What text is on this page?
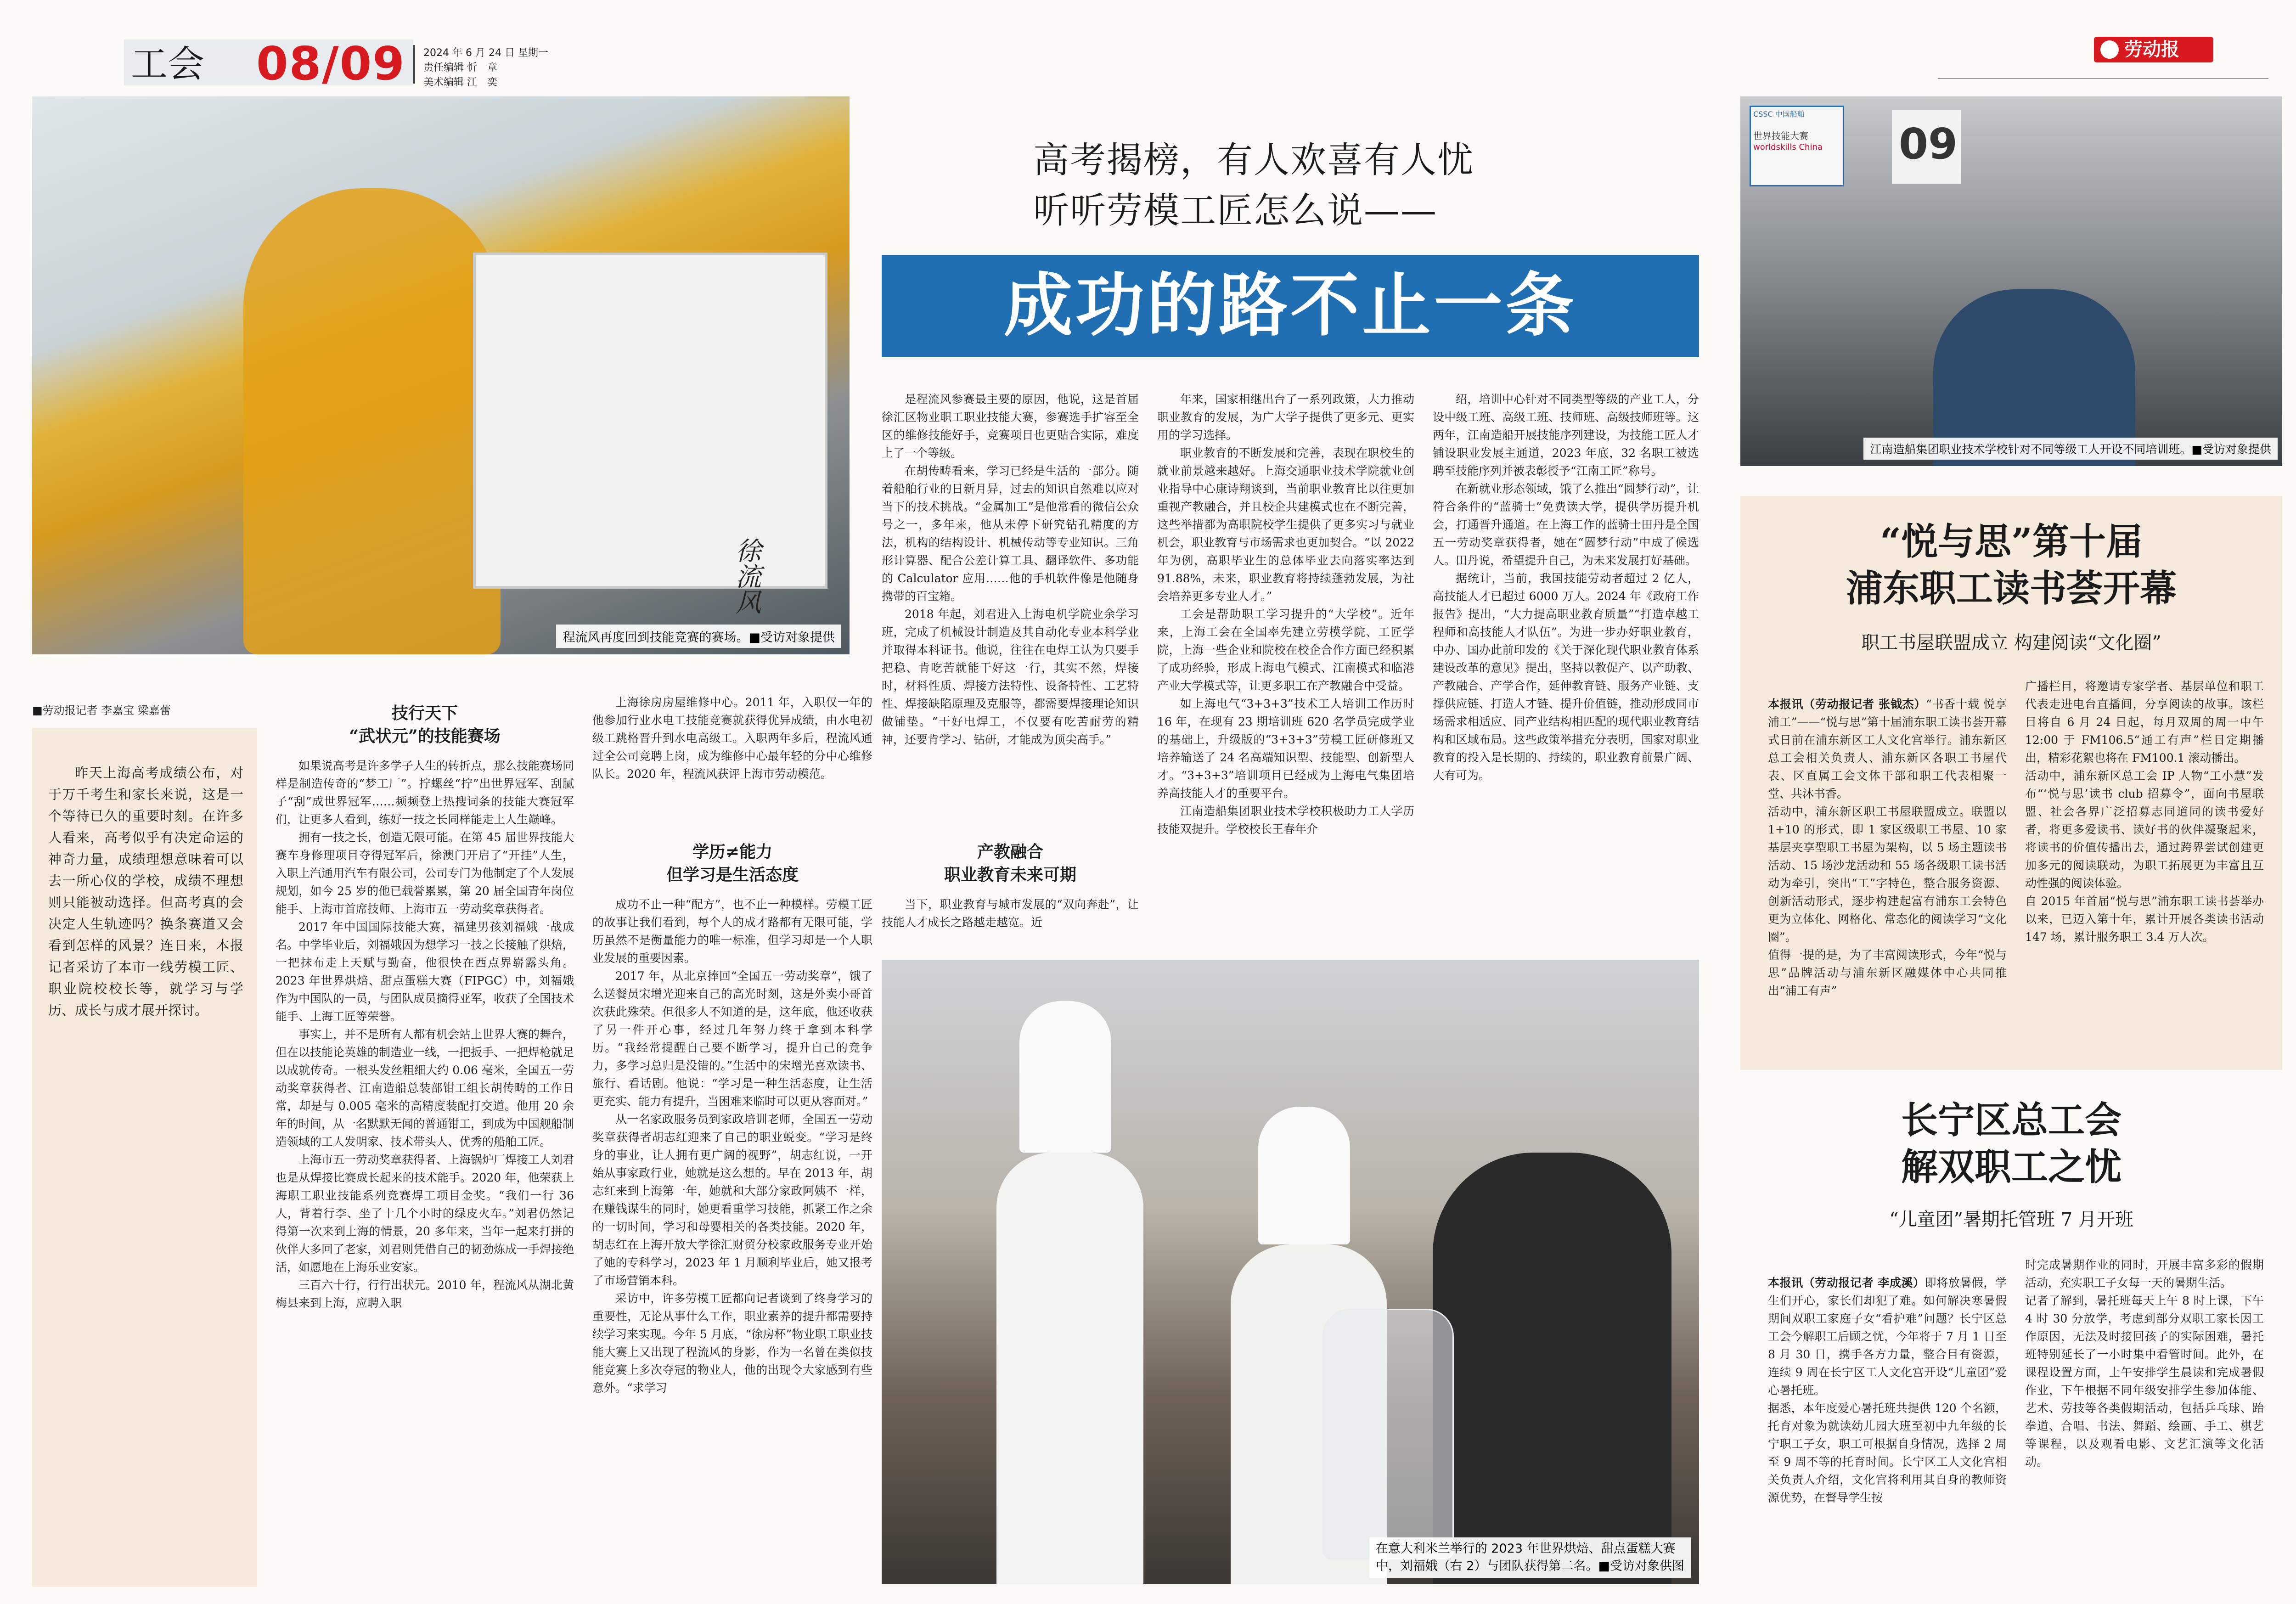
工会 08/09 2024 年 6 月 24 日 星期一
责任编辑 忻　章
美术编辑 江　奕
劳动报
徐流风
程流风再度回到技能竞赛的赛场。■受访对象提供
高考揭榜，有人欢喜有人忧
听听劳模工匠怎么说——
成功的路不止一条
■劳动报记者 李嘉宝 梁嘉蕾
昨天上海高考成绩公布，对于万千考生和家长来说，这是一个等待已久的重要时刻。在许多人看来，高考似乎有决定命运的神奇力量，成绩理想意味着可以去一所心仪的学校，成绩不理想则只能被动选择。但高考真的会决定人生轨迹吗？换条赛道又会看到怎样的风景？连日来，本报记者采访了本市一线劳模工匠、职业院校校长等，就学习与学历、成长与成才展开探讨。
技行天下
“武状元”的技能赛场

如果说高考是许多学子人生的转折点，那么技能赛场同样是制造传奇的“梦工厂”。拧螺丝“拧”出世界冠军、刮腻子“刮”成世界冠军……频频登上热搜词条的技能大赛冠军们，让更多人看到，练好一技之长同样能走上人生巅峰。

拥有一技之长，创造无限可能。在第 45 届世界技能大赛车身修理项目夺得冠军后，徐澳门开启了“开挂”人生，入职上汽通用汽车有限公司，公司专门为他制定了个人发展规划，如今 25 岁的他已载誉累累，第 20 届全国青年岗位能手、上海市首席技师、上海市五一劳动奖章获得者。

2017 年中国国际技能大赛，福建男孩刘福娥一战成名。中学毕业后，刘福娥因为想学习一技之长接触了烘焙，一把抹布走上天赋与勤奋，他很快在西点界崭露头角。2023 年世界烘焙、甜点蛋糕大赛（FIPGC）中，刘福娥作为中国队的一员，与团队成员摘得亚军，收获了全国技术能手、上海工匠等荣誉。

事实上，并不是所有人都有机会站上世界大赛的舞台，但在以技能论英雄的制造业一线，一把扳手、一把焊枪就足以成就传奇。一根头发丝粗细大约 0.06 毫米，全国五一劳动奖章获得者、江南造船总装部钳工组长胡传畴的工作日常，却是与 0.005 毫米的高精度装配打交道。他用 20 余年的时间，从一名默默无闻的普通钳工，到成为中国舰船制造领域的工人发明家、技术带头人、优秀的船舶工匠。

上海市五一劳动奖章获得者、上海锅炉厂焊接工人刘君也是从焊接比赛成长起来的技术能手。2020 年，他荣获上海职工职业技能系列竞赛焊工项目金奖。“我们一行 36 人，背着行李、坐了十几个小时的绿皮火车。”刘君仍然记得第一次来到上海的情景，20 多年来，当年一起来打拼的伙伴大多回了老家，刘君则凭借自己的韧劲炼成一手焊接绝活，如愿地在上海乐业安家。

三百六十行，行行出状元。2010 年，程流风从湖北黄梅县来到上海，应聘入职

上海徐房房屋维修中心。2011 年，入职仅一年的他参加行业水电工技能竞赛就获得优异成绩，由水电初级工跳格晋升到水电高级工。入职两年多后，程流风通过全公司竞聘上岗，成为维修中心最年轻的分中心维修队长。2020 年，程流风获评上海市劳动模范。

学历≠能力
但学习是生活态度

成功不止一种“配方”，也不止一种模样。劳模工匠的故事让我们看到，每个人的成才路都有无限可能，学历虽然不是衡量能力的唯一标准，但学习却是一个人职业发展的重要因素。

2017 年，从北京捧回“全国五一劳动奖章”，饿了么送餐员宋增光迎来自己的高光时刻，这是外卖小哥首次获此殊荣。但很多人不知道的是，这年底，他还收获了另一件开心事，经过几年努力终于拿到本科学历。“我经常提醒自己要不断学习，提升自己的竞争力，多学习总归是没错的。”生活中的宋增光喜欢读书、旅行、看话剧。他说：“学习是一种生活态度，让生活更充实、能力有提升，当困难来临时可以更从容面对。”

从一名家政服务员到家政培训老师，全国五一劳动奖章获得者胡志红迎来了自己的职业蜕变。“学习是终身的事业，让人拥有更广阔的视野”，胡志红说，一开始从事家政行业，她就是这么想的。早在 2013 年，胡志红来到上海第一年，她就和大部分家政阿姨不一样，在赚钱谋生的同时，她更看重学习技能，抓紧工作之余的一切时间，学习和母婴相关的各类技能。2020 年，胡志红在上海开放大学徐汇财贸分校家政服务专业开始了她的专科学习，2023 年 1 月顺利毕业后，她又报考了市场营销本科。

采访中，许多劳模工匠都向记者谈到了终身学习的重要性，无论从事什么工作，职业素养的提升都需要持续学习来实现。今年 5 月底，“徐房杯”物业职工职业技能大赛上又出现了程流风的身影，作为一名曾在类似技能竞赛上多次夺冠的物业人，他的出现令大家感到有些意外。“求学习

是程流风参赛最主要的原因，他说，这是首届徐汇区物业职工职业技能大赛，参赛选手扩容至全区的维修技能好手，竞赛项目也更贴合实际，难度上了一个等级。

在胡传畴看来，学习已经是生活的一部分。随着船舶行业的日新月异，过去的知识自然难以应对当下的技术挑战。“金属加工”是他常看的微信公众号之一，多年来，他从未停下研究钻孔精度的方法，机构的结构设计、机械传动等专业知识。三角形计算器、配合公差计算工具、翻译软件、多功能的 Calculator 应用……他的手机软件像是他随身携带的百宝箱。

2018 年起，刘君进入上海电机学院业余学习班，完成了机械设计制造及其自动化专业本科学业并取得本科证书。他说，往往在电焊工认为只要手把稳、肯吃苦就能干好这一行，其实不然，焊接时，材料性质、焊接方法特性、设备特性、工艺特性、焊接缺陷原理及克服等，都需要焊接理论知识做铺垫。“干好电焊工，不仅要有吃苦耐劳的精神，还要肯学习、钻研，才能成为顶尖高手。”

产教融合
职业教育未来可期

当下，职业教育与城市发展的“双向奔赴”，让技能人才成长之路越走越宽。近

年来，国家相继出台了一系列政策，大力推动职业教育的发展，为广大学子提供了更多元、更实用的学习选择。

职业教育的不断发展和完善，表现在职校生的就业前景越来越好。上海交通职业技术学院就业创业指导中心康诗翔谈到，当前职业教育比以往更加重视产教融合，并且校企共建模式也在不断完善，这些举措都为高职院校学生提供了更多实习与就业机会，职业教育与市场需求也更加契合。“以 2022 年为例，高职毕业生的总体毕业去向落实率达到 91.88%，未来，职业教育将持续蓬勃发展，为社会培养更多专业人才。”

工会是帮助职工学习提升的“大学校”。近年来，上海工会在全国率先建立劳模学院、工匠学院，上海一些企业和院校在校企合作方面已经积累了成功经验，形成上海电气模式、江南模式和临港产业大学模式等，让更多职工在产教融合中受益。

如上海电气“3+3+3”技术工人培训工作历时 16 年，在现有 23 期培训班 620 名学员完成学业的基础上，升级版的“3+3+3”劳模工匠研修班又培养输送了 24 名高端知识型、技能型、创新型人才。“3+3+3”培训项目已经成为上海电气集团培养高技能人才的重要平台。

江南造船集团职业技术学校积极助力工人学历技能双提升。学校校长王春年介

绍，培训中心针对不同类型等级的产业工人，分设中级工班、高级工班、技师班、高级技师班等。这两年，江南造船开展技能序列建设，为技能工匠人才铺设职业发展主通道，2023 年底，32 名职工被选聘至技能序列并被表彰授予“江南工匠”称号。

在新就业形态领域，饿了么推出“圆梦行动”，让符合条件的“蓝骑士”免费读大学，提供学历提升机会，打通晋升通道。在上海工作的蓝骑士田丹是全国五一劳动奖章获得者，她在“圆梦行动”中成了候选人。田丹说，希望提升自己，为未来发展打好基础。

据统计，当前，我国技能劳动者超过 2 亿人，高技能人才已超过 6000 万人。2024 年《政府工作报告》提出，“大力提高职业教育质量”“打造卓越工程师和高技能人才队伍”。为进一步办好职业教育，中办、国办此前印发的《关于深化现代职业教育体系建设改革的意见》提出，坚持以教促产、以产助教、产教融合、产学合作，延伸教育链、服务产业链、支撑供应链、打造人才链、提升价值链，推动形成同市场需求相适应、同产业结构相匹配的现代职业教育结构和区域布局。这些政策举措充分表明，国家对职业教育的投入是长期的、持续的，职业教育前景广阔、大有可为。

在意大利米兰举行的 2023 年世界烘焙、甜点蛋糕大赛
中，刘福娥（右 2）与团队获得第二名。■受访对象供图
CSSC 中国船舶
世界技能大赛
worldskills China 09
江南造船集团职业技术学校针对不同等级工人开设不同培训班。■受访对象提供
“悦与思”第十届
浦东职工读书荟开幕
职工书屋联盟成立 构建阅读“文化圈”

本报讯（劳动报记者 张钺杰）“书香十载 悦享浦工”——“悦与思”第十届浦东职工读书荟开幕式日前在浦东新区工人文化宫举行。浦东新区总工会相关负责人、浦东新区各职工书屋代表、区直属工会文体干部和职工代表相聚一堂、共沐书香。
活动中，浦东新区职工书屋联盟成立。联盟以 1+10 的形式，即 1 家区级职工书屋、10 家基层夹享型职工书屋为架构，以 5 场主题读书活动、15 场沙龙活动和 55 场各级职工读书活动为牵引，突出“工”字特色，整合服务资源、创新活动形式，逐步构建起富有浦东工会特色更为立体化、网格化、常态化的阅读学习“文化圈”。
值得一提的是，为了丰富阅读形式，今年“悦与思”品牌活动与浦东新区融媒体中心共同推出“浦工有声”

广播栏目，将邀请专家学者、基层单位和职工代表走进电台直播间，分享阅读的故事。该栏目将自 6 月 24 日起，每月双周的周一中午 12:00 于 FM106.5“通工有声”栏目定期播出，精彩花絮也将在 FM100.1 滚动播出。
活动中，浦东新区总工会 IP 人物“工小慧”发布“‘悦与思’读书 club 招募令”，面向书屋联盟、社会各界广泛招募志同道同的读书爱好者，将更多爱读书、读好书的伙伴凝聚起来，将读书的价值传播出去，通过跨界尝试创建更加多元的阅读联动，为职工拓展更为丰富且互动性强的阅读体验。
自 2015 年首届“悦与思”浦东职工读书荟举办以来，已迈入第十年，累计开展各类读书活动 147 场，累计服务职工 3.4 万人次。
长宁区总工会
解双职工之忧
“儿童团”暑期托管班 7 月开班

本报讯（劳动报记者 李成溪）即将放暑假，学生们开心，家长们却犯了难。如何解决寒暑假期间双职工家庭子女“看护难”问题？长宁区总工会今解职工后顾之忧，今年将于 7 月 1 日至 8 月 30 日，携手各方力量，整合目有资源，连续 9 周在长宁区工人文化宫开设“儿童团”爱心暑托班。
据悉，本年度爱心暑托班共提供 120 个名额，托育对象为就读幼儿园大班至初中九年级的长宁职工子女，职工可根据自身情况，选择 2 周至 9 周不等的托育时间。长宁区工人文化宫相关负责人介绍，文化宫将利用其自身的教师资源优势，在督导学生按

时完成暑期作业的同时，开展丰富多彩的假期活动，充实职工子女每一天的暑期生活。
记者了解到，暑托班每天上午 8 时上课，下午 4 时 30 分放学，考虑到部分双职工家长因工作原因，无法及时接回孩子的实际困难，暑托班特别延长了一小时集中看管时间。此外，在课程设置方面，上午安排学生晨读和完成暑假作业，下午根据不同年级安排学生参加体能、艺术、劳技等各类假期活动，包括乒乓球、跆拳道、合唱、书法、舞蹈、绘画、手工、棋艺等课程，以及观看电影、文艺汇演等文化活动。
